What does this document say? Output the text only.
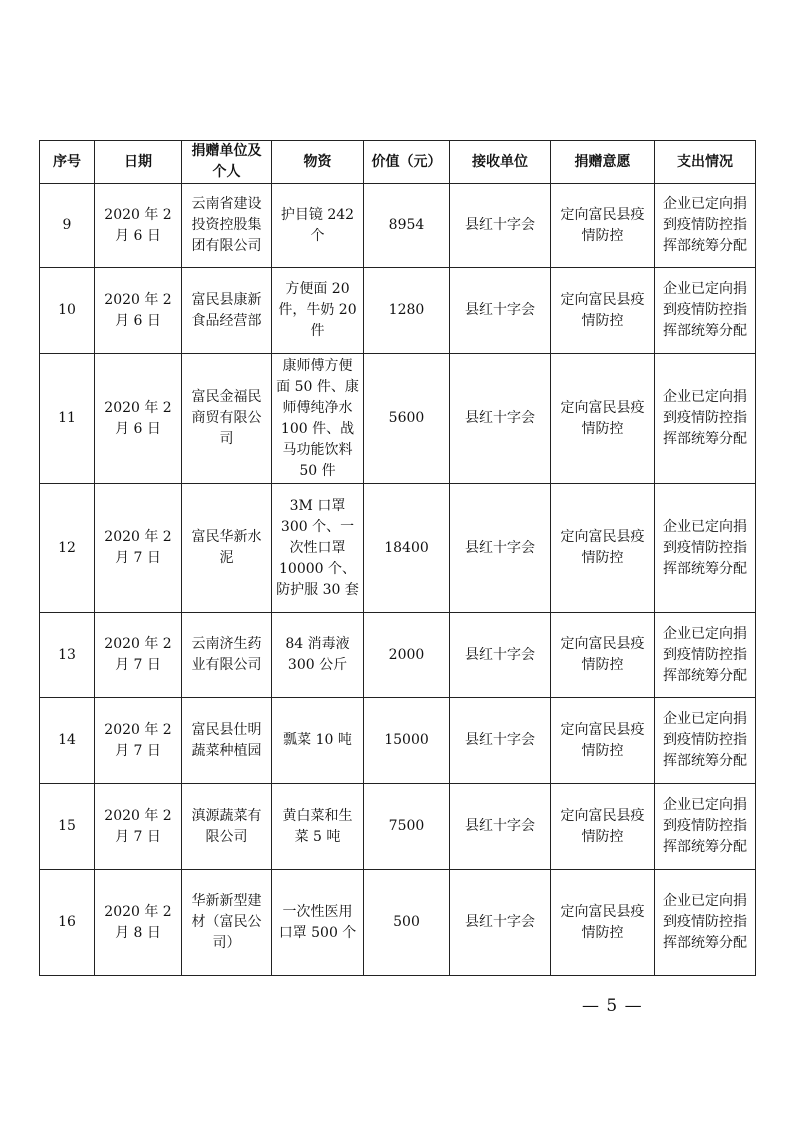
序号	日期	捐赠单位及个人	物资	价值（元）	接收单位	捐赠意愿	支出情况
9	2020 年 2 月 6 日	云南省建设投资控股集团有限公司	护目镜 242 个	8954	县红十字会	定向富民县疫情防控	企业已定向捐到疫情防控指挥部统筹分配
10	2020 年 2 月 6 日	富民县康新食品经营部	方便面 20 件，牛奶 20 件	1280	县红十字会	定向富民县疫情防控	企业已定向捐到疫情防控指挥部统筹分配
11	2020 年 2 月 6 日	富民金福民商贸有限公司	康师傅方便面 50 件、康师傅纯净水 100 件、战马功能饮料 50 件	5600	县红十字会	定向富民县疫情防控	企业已定向捐到疫情防控指挥部统筹分配
12	2020 年 2 月 7 日	富民华新水泥	3M 口罩 300 个、一次性口罩 10000 个、防护服 30 套	18400	县红十字会	定向富民县疫情防控	企业已定向捐到疫情防控指挥部统筹分配
13	2020 年 2 月 7 日	云南济生药业有限公司	84 消毒液 300 公斤	2000	县红十字会	定向富民县疫情防控	企业已定向捐到疫情防控指挥部统筹分配
14	2020 年 2 月 7 日	富民县仕明蔬菜种植园	瓢菜 10 吨	15000	县红十字会	定向富民县疫情防控	企业已定向捐到疫情防控指挥部统筹分配
15	2020 年 2 月 7 日	滇源蔬菜有限公司	黄白菜和生菜 5 吨	7500	县红十字会	定向富民县疫情防控	企业已定向捐到疫情防控指挥部统筹分配
16	2020 年 2 月 8 日	华新新型建材（富民公司）	一次性医用口罩 500 个	500	县红十字会	定向富民县疫情防控	企业已定向捐到疫情防控指挥部统筹分配
— 5 —
